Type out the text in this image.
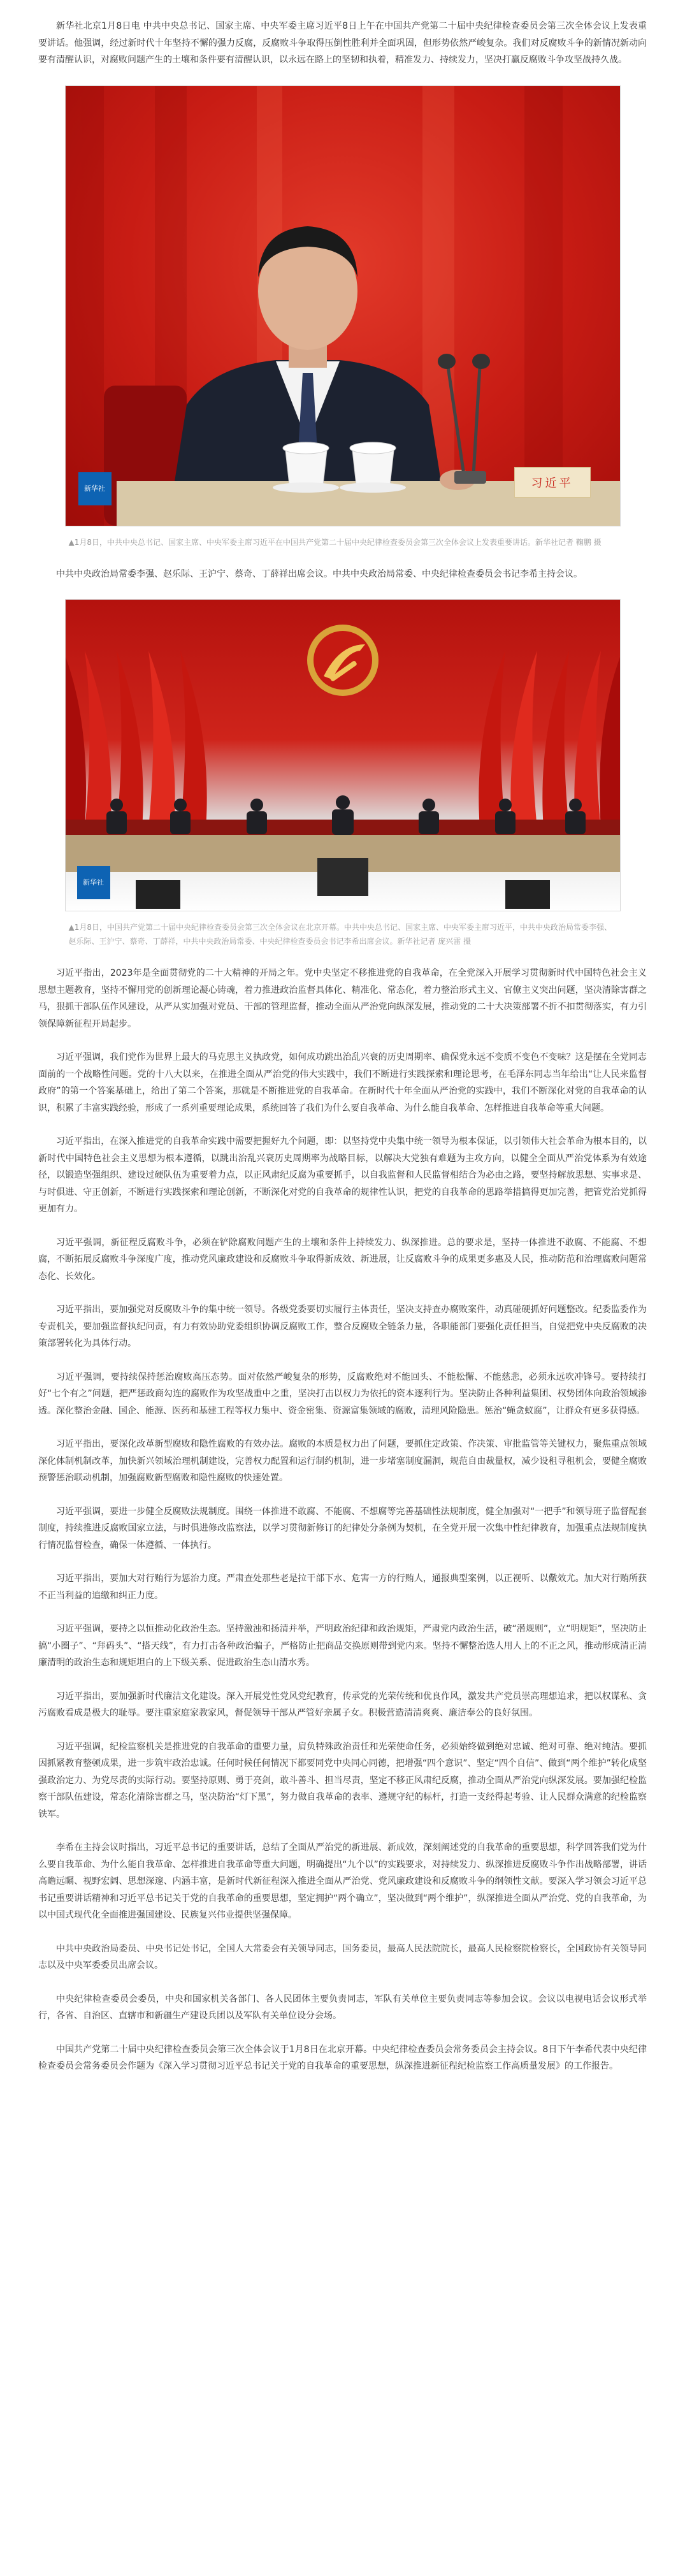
新华社北京1月8日电 中共中央总书记、国家主席、中央军委主席习近平8日上午在中国共产党第二十届中央纪律检查委员会第三次全体会议上发表重要讲话。他强调，经过新时代十年坚持不懈的强力反腐，反腐败斗争取得压倒性胜利并全面巩固，但形势依然严峻复杂。我们对反腐败斗争的新情况新动向要有清醒认识，对腐败问题产生的土壤和条件要有清醒认识，以永远在路上的坚韧和执着，精准发力、持续发力，坚决打赢反腐败斗争攻坚战持久战。

新华社	习近平
▲1月8日，中共中央总书记、国家主席、中央军委主席习近平在中国共产党第二十届中央纪律检查委员会第三次全体会议上发表重要讲话。新华社记者 鞠鹏 摄

中共中央政治局常委李强、赵乐际、王沪宁、蔡奇、丁薛祥出席会议。中共中央政治局常委、中央纪律检查委员会书记李希主持会议。

新华社
▲1月8日，中国共产党第二十届中央纪律检查委员会第三次全体会议在北京开幕。中共中央总书记、国家主席、中央军委主席习近平，中共中央政治局常委李强、赵乐际、王沪宁、蔡奇、丁薛祥，中共中央政治局常委、中央纪律检查委员会书记李希出席会议。新华社记者 庞兴雷 摄

习近平指出，2023年是全面贯彻党的二十大精神的开局之年。党中央坚定不移推进党的自我革命，在全党深入开展学习贯彻新时代中国特色社会主义思想主题教育，坚持不懈用党的创新理论凝心铸魂，着力推进政治监督具体化、精准化、常态化，着力整治形式主义、官僚主义突出问题，坚决清除害群之马，狠抓干部队伍作风建设，从严从实加强对党员、干部的管理监督，推动全面从严治党向纵深发展，推动党的二十大决策部署不折不扣贯彻落实，有力引领保障新征程开局起步。

习近平强调，我们党作为世界上最大的马克思主义执政党，如何成功跳出治乱兴衰的历史周期率、确保党永远不变质不变色不变味？这是摆在全党同志面前的一个战略性问题。党的十八大以来，在推进全面从严治党的伟大实践中，我们不断进行实践探索和理论思考，在毛泽东同志当年给出“让人民来监督政府”的第一个答案基础上，给出了第二个答案，那就是不断推进党的自我革命。在新时代十年全面从严治党的实践中，我们不断深化对党的自我革命的认识，积累了丰富实践经验，形成了一系列重要理论成果，系统回答了我们为什么要自我革命、为什么能自我革命、怎样推进自我革命等重大问题。

习近平指出，在深入推进党的自我革命实践中需要把握好九个问题，即：以坚持党中央集中统一领导为根本保证，以引领伟大社会革命为根本目的，以新时代中国特色社会主义思想为根本遵循，以跳出治乱兴衰历史周期率为战略目标，以解决大党独有难题为主攻方向，以健全全面从严治党体系为有效途径，以锻造坚强组织、建设过硬队伍为重要着力点，以正风肃纪反腐为重要抓手，以自我监督和人民监督相结合为必由之路，要坚持解放思想、实事求是、与时俱进、守正创新，不断进行实践探索和理论创新，不断深化对党的自我革命的规律性认识，把党的自我革命的思路举措搞得更加完善，把管党治党抓得更加有力。

习近平强调，新征程反腐败斗争，必须在铲除腐败问题产生的土壤和条件上持续发力、纵深推进。总的要求是，坚持一体推进不敢腐、不能腐、不想腐，不断拓展反腐败斗争深度广度，推动党风廉政建设和反腐败斗争取得新成效、新进展，让反腐败斗争的成果更多惠及人民，推动防范和治理腐败问题常态化、长效化。

习近平指出，要加强党对反腐败斗争的集中统一领导。各级党委要切实履行主体责任，坚决支持查办腐败案件，动真碰硬抓好问题整改。纪委监委作为专责机关，要加强监督执纪问责，有力有效协助党委组织协调反腐败工作，整合反腐败全链条力量，各职能部门要强化责任担当，自觉把党中央反腐败的决策部署转化为具体行动。

习近平强调，要持续保持惩治腐败高压态势。面对依然严峻复杂的形势，反腐败绝对不能回头、不能松懈、不能慈悲，必须永远吹冲锋号。要持续打好“七个有之”问题，把严惩政商勾连的腐败作为攻坚战重中之重，坚决打击以权力为依托的资本逐利行为。坚决防止各种利益集团、权势团体向政治领域渗透。深化整治金融、国企、能源、医药和基建工程等权力集中、资金密集、资源富集领域的腐败，清理风险隐患。惩治“蝇贪蚁腐”，让群众有更多获得感。

习近平指出，要深化改革新型腐败和隐性腐败的有效办法。腐败的本质是权力出了问题，要抓住定政策、作决策、审批监管等关键权力，聚焦重点领域深化体制机制改革，加快新兴领域治理机制建设，完善权力配置和运行制约机制，进一步堵塞制度漏洞，规范自由裁量权，减少设租寻租机会，要健全腐败预警惩治联动机制，加强腐败新型腐败和隐性腐败的快速处置。

习近平强调，要进一步健全反腐败法规制度。围绕一体推进不敢腐、不能腐、不想腐等完善基础性法规制度，健全加强对“一把手”和领导班子监督配套制度，持续推进反腐败国家立法，与时俱进修改监察法，以学习贯彻新修订的纪律处分条例为契机，在全党开展一次集中性纪律教育，加强重点法规制度执行情况监督检查，确保一体遵循、一体执行。

习近平指出，要加大对行贿行为惩治力度。严肃查处那些老是拉干部下水、危害一方的行贿人，通报典型案例，以正视听、以儆效尤。加大对行贿所获不正当利益的追缴和纠正力度。

习近平强调，要持之以恒推动化政治生态。坚持激浊和扬清并举，严明政治纪律和政治规矩，严肃党内政治生活，破“潜规则”，立“明规矩”，坚决防止搞“小圈子”、“拜码头”、“搭天线”，有力打击各种政治骗子，严格防止把商品交换原则带到党内来。坚持不懈整治选人用人上的不正之风，推动形成清正清廉清明的政治生态和规矩坦白的上下级关系、促进政治生态山清水秀。

习近平指出，要加强新时代廉洁文化建设。深入开展党性党风党纪教育，传承党的光荣传统和优良作风，激发共产党员崇高理想追求，把以权谋私、贪污腐败看成是极大的耻辱。要注重家庭家教家风，督促领导干部从严管好亲属子女。积极营造清清爽爽、廉洁奉公的良好氛围。

习近平强调，纪检监察机关是推进党的自我革命的重要力量，肩负特殊政治责任和光荣使命任务，必须始终做到绝对忠诚、绝对可靠、绝对纯洁。要抓因抓紧教育整顿成果，进一步筑牢政治忠诚。任何时候任何情况下都要同党中央同心同德，把增强“四个意识”、坚定“四个自信”、做到“两个维护”转化成坚强政治定力、为党尽责的实际行动。要坚持原则、勇于亮剑，敢斗善斗、担当尽责，坚定不移正风肃纪反腐，推动全面从严治党向纵深发展。要加强纪检监察干部队伍建设，常态化清除害群之马，坚决防治“灯下黑”，努力做自我革命的表率、遵规守纪的标杆，打造一支经得起考验、让人民群众满意的纪检监察铁军。

李希在主持会议时指出，习近平总书记的重要讲话，总结了全面从严治党的新进展、新成效，深刻阐述党的自我革命的重要思想，科学回答我们党为什么要自我革命、为什么能自我革命、怎样推进自我革命等重大问题，明确提出“九个以”的实践要求，对持续发力、纵深推进反腐败斗争作出战略部署，讲话高瞻远瞩、视野宏阔、思想深邃、内涵丰富，是新时代新征程深入推进全面从严治党、党风廉政建设和反腐败斗争的纲领性文献。要深入学习领会习近平总书记重要讲话精神和习近平总书记关于党的自我革命的重要思想，坚定拥护“两个确立”，坚决做到“两个维护”，纵深推进全面从严治党、党的自我革命，为以中国式现代化全面推进强国建设、民族复兴伟业提供坚强保障。

中共中央政治局委员、中央书记处书记，全国人大常委会有关领导同志，国务委员，最高人民法院院长，最高人民检察院检察长，全国政协有关领导同志以及中央军委委员出席会议。

中央纪律检查委员会委员，中央和国家机关各部门、各人民团体主要负责同志，军队有关单位主要负责同志等参加会议。会议以电视电话会议形式举行，各省、自治区、直辖市和新疆生产建设兵团以及军队有关单位设分会场。

中国共产党第二十届中央纪律检查委员会第三次全体会议于1月8日在北京开幕。中央纪律检查委员会常务委员会主持会议。8日下午李希代表中央纪律检查委员会常务委员会作题为《深入学习贯彻习近平总书记关于党的自我革命的重要思想，纵深推进新征程纪检监察工作高质量发展》的工作报告。
